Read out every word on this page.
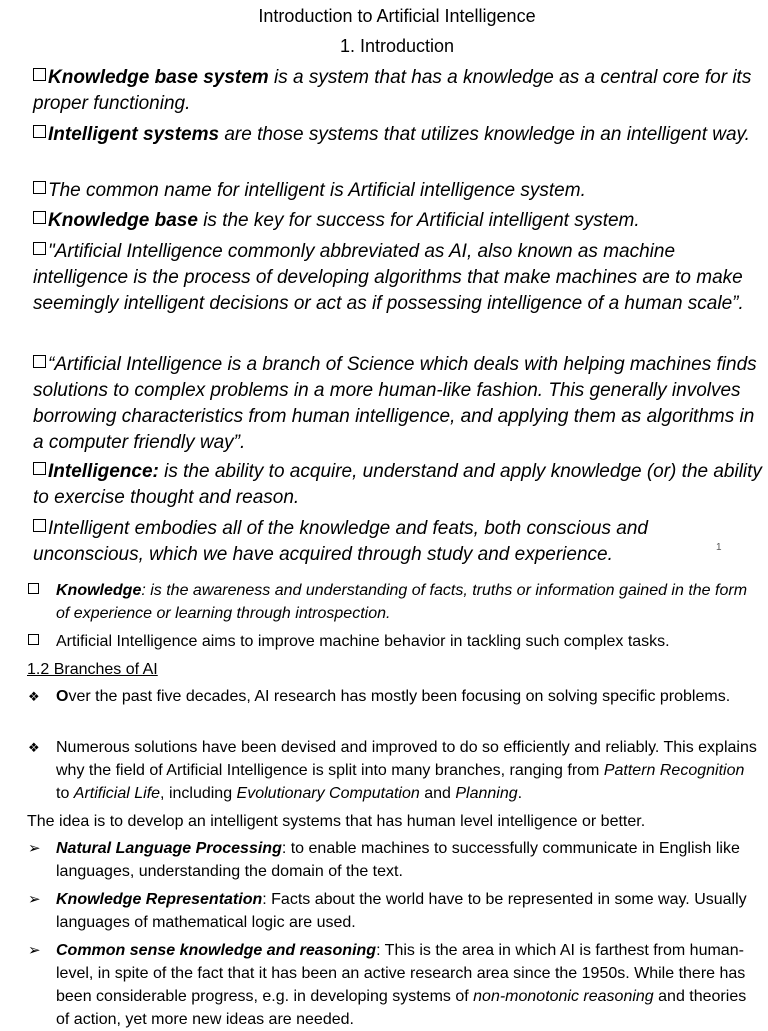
Introduction to Artificial Intelligence
1. Introduction
Knowledge base system is a system that has a knowledge as a central core for its proper functioning.
Intelligent systems are those systems that utilizes knowledge in an intelligent way.
The common name for intelligent is Artificial intelligence system.
Knowledge base is the key for success for Artificial intelligent system.
"Artificial Intelligence commonly abbreviated as AI, also known as machine intelligence is the process of developing algorithms that make machines are to make seemingly intelligent decisions or act as if possessing intelligence of a human scale”.
“Artificial Intelligence is a branch of Science which deals with helping machines finds solutions to complex problems in a more human-like fashion. This generally involves borrowing characteristics from human intelligence, and applying them as algorithms in a computer friendly way”.
Intelligence: is the ability to acquire, understand and apply knowledge (or) the ability to exercise thought and reason.
Intelligent embodies all of the knowledge and feats, both conscious and unconscious, which we have acquired through study and experience.	1
Knowledge: is the awareness and understanding of facts, truths or information gained in the form of experience or learning through introspection.
Artificial Intelligence aims to improve machine behavior in tackling such complex tasks.
1.2 Branches of AI
❖ Over the past five decades, AI research has mostly been focusing on solving specific problems.
❖ Numerous solutions have been devised and improved to do so efficiently and reliably. This explains why the field of Artificial Intelligence is split into many branches, ranging from Pattern Recognition to Artificial Life, including Evolutionary Computation and Planning.
The idea is to develop an intelligent systems that has human level intelligence or better.
➢ Natural Language Processing: to enable machines to successfully communicate in English like languages, understanding the domain of the text.
➢ Knowledge Representation: Facts about the world have to be represented in some way. Usually languages of mathematical logic are used.
➢ Common sense knowledge and reasoning: This is the area in which AI is farthest from human-level, in spite of the fact that it has been an active research area since the 1950s. While there has been considerable progress, e.g. in developing systems of non-monotonic reasoning and theories of action, yet more new ideas are needed.
